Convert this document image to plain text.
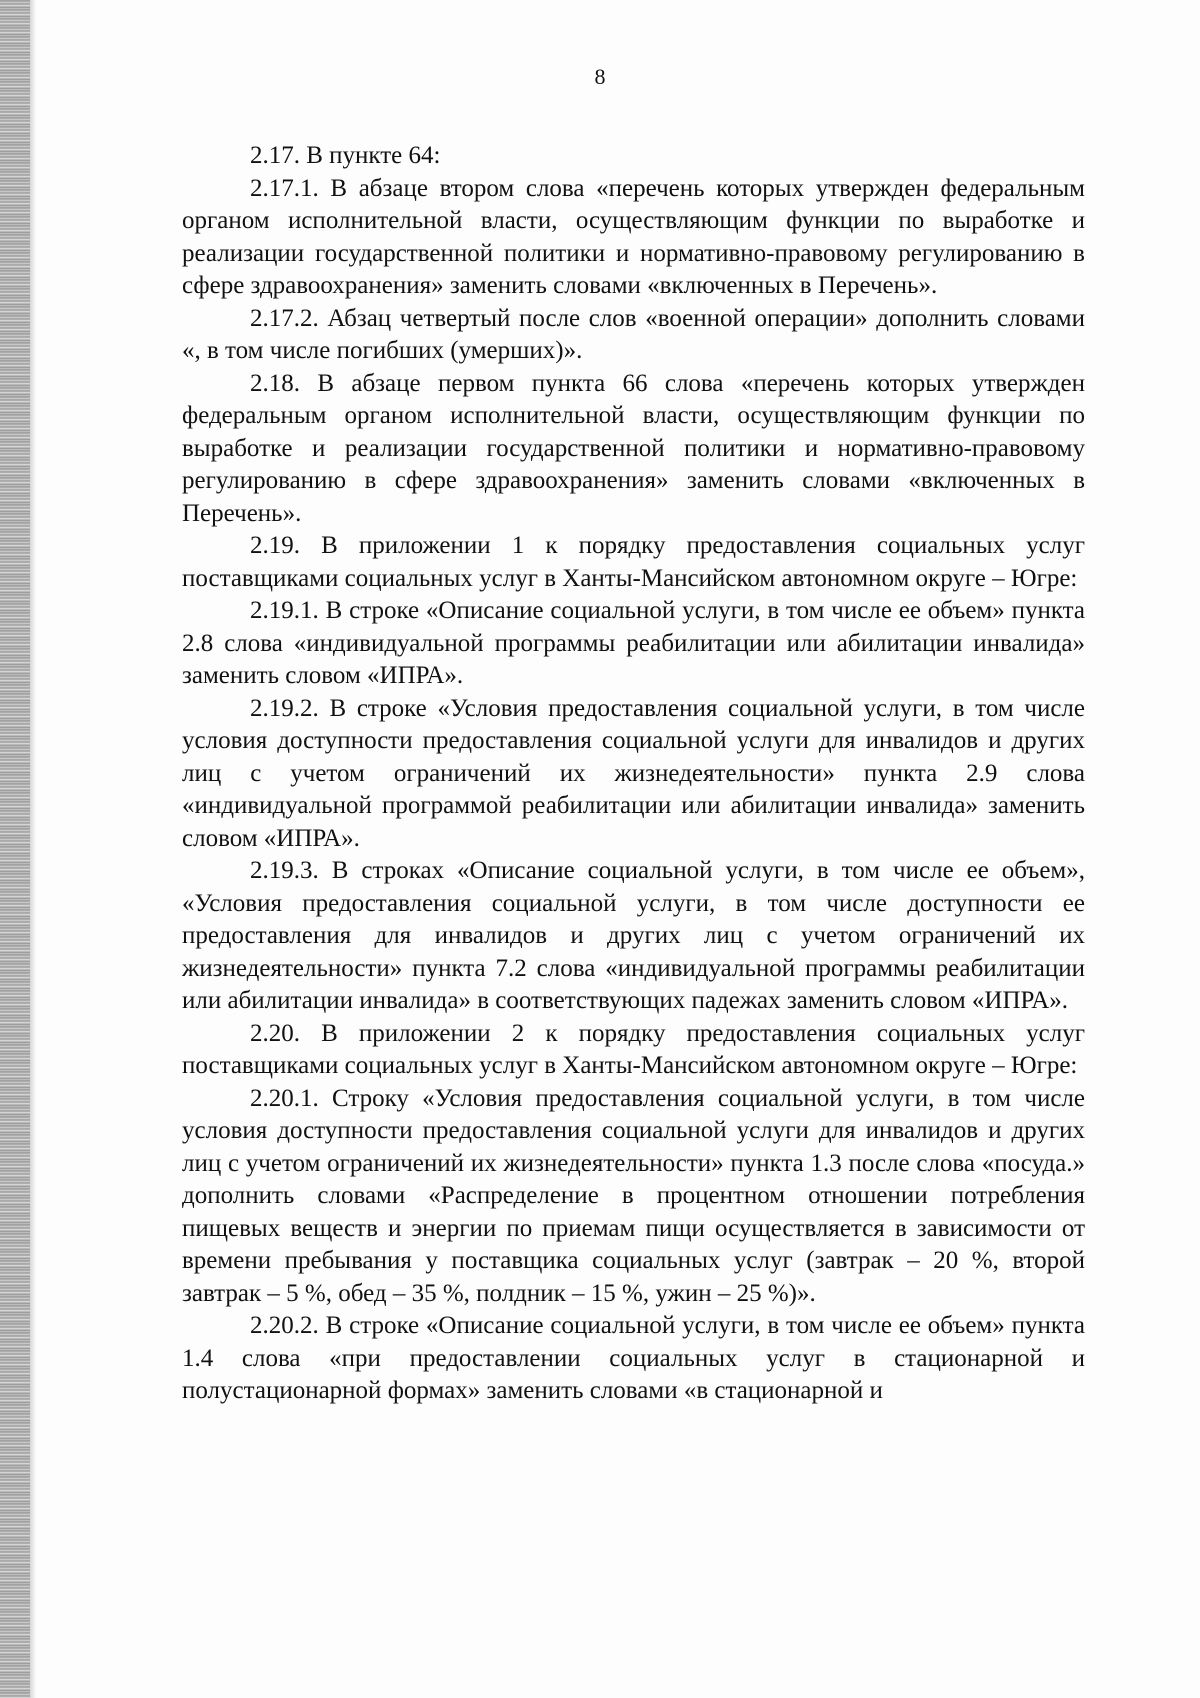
8

2.17. В пункте 64:

2.17.1. В абзаце втором слова «перечень которых утвержден федеральным органом исполнительной власти, осуществляющим функции по выработке и реализации государственной политики и нормативно-правовому регулированию в сфере здравоохранения» заменить словами «включенных в Перечень».

2.17.2. Абзац четвертый после слов «военной операции» дополнить словами «, в том числе погибших (умерших)».

2.18. В абзаце первом пункта 66 слова «перечень которых утвержден федеральным органом исполнительной власти, осуществляющим функции по выработке и реализации государственной политики и нормативно-правовому регулированию в сфере здравоохранения» заменить словами «включенных в Перечень».

2.19. В приложении 1 к порядку предоставления социальных услуг поставщиками социальных услуг в Ханты-Мансийском автономном округе – Югре:

2.19.1. В строке «Описание социальной услуги, в том числе ее объем» пункта 2.8 слова «индивидуальной программы реабилитации или абилитации инвалида» заменить словом «ИПРА».

2.19.2. В строке «Условия предоставления социальной услуги, в том числе условия доступности предоставления социальной услуги для инвалидов и других лиц с учетом ограничений их жизнедеятельности» пункта 2.9 слова «индивидуальной программой реабилитации или абилитации инвалида» заменить словом «ИПРА».

2.19.3. В строках «Описание социальной услуги, в том числе ее объем», «Условия предоставления социальной услуги, в том числе доступности ее предоставления для инвалидов и других лиц с учетом ограничений их жизнедеятельности» пункта 7.2 слова «индивидуальной программы реабилитации или абилитации инвалида» в соответствующих падежах заменить словом «ИПРА».

2.20. В приложении 2 к порядку предоставления социальных услуг поставщиками социальных услуг в Ханты-Мансийском автономном округе – Югре:

2.20.1. Строку «Условия предоставления социальной услуги, в том числе условия доступности предоставления социальной услуги для инвалидов и других лиц с учетом ограничений их жизнедеятельности» пункта 1.3 после слова «посуда.» дополнить словами «Распределение в процентном отношении потребления пищевых веществ и энергии по приемам пищи осуществляется в зависимости от времени пребывания у поставщика социальных услуг (завтрак – 20 %, второй завтрак – 5 %, обед – 35 %, полдник – 15 %, ужин – 25 %)».

2.20.2. В строке «Описание социальной услуги, в том числе ее объем» пункта 1.4 слова «при предоставлении социальных услуг в стационарной и полустационарной формах» заменить словами «в стационарной и
